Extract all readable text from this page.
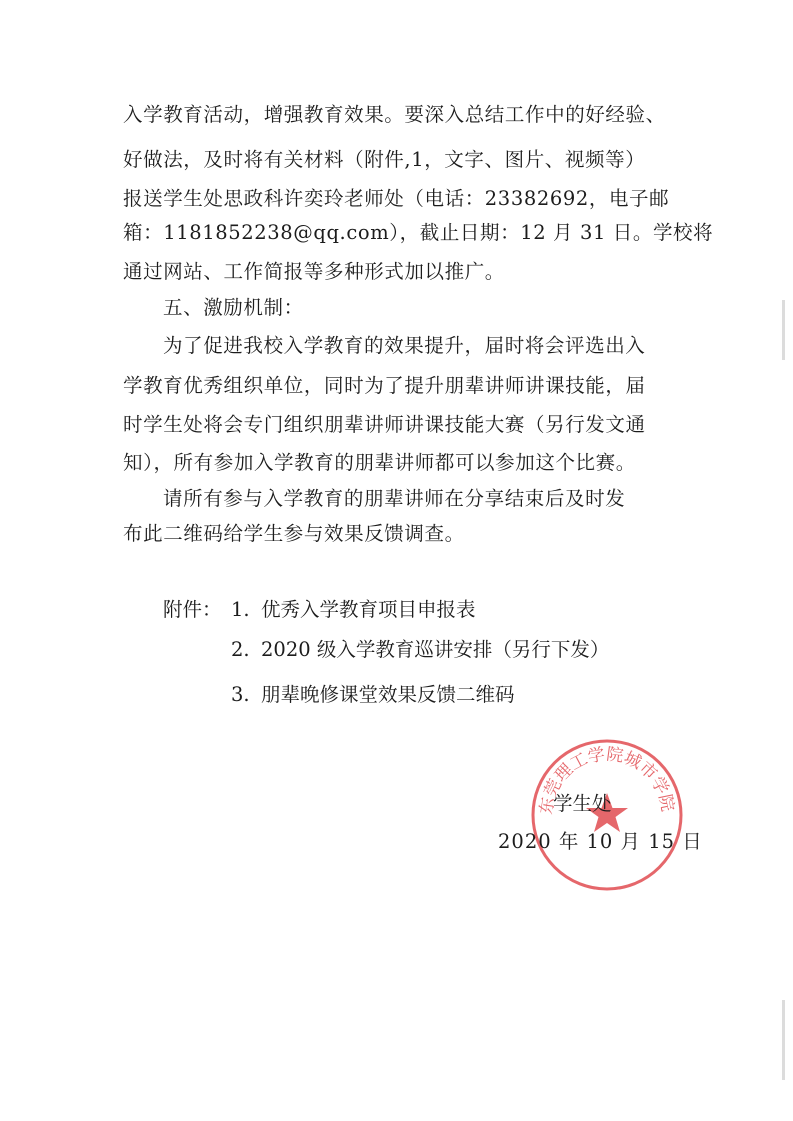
入学教育活动，增强教育效果。要深入总结工作中的好经验、
好做法，及时将有关材料（附件,1，文字、图片、视频等）
报送学生处思政科许奕玲老师处（电话：23382692，电子邮
箱：1181852238@qq.com），截止日期：12 月 31 日。学校将
通过网站、工作简报等多种形式加以推广。
五、激励机制：
为了促进我校入学教育的效果提升，届时将会评选出入
学教育优秀组织单位，同时为了提升朋辈讲师讲课技能，届
时学生处将会专门组织朋辈讲师讲课技能大赛（另行发文通
知），所有参加入学教育的朋辈讲师都可以参加这个比赛。
请所有参与入学教育的朋辈讲师在分享结束后及时发
布此二维码给学生参与效果反馈调查。
附件： 1. 优秀入学教育项目申报表
2. 2020 级入学教育巡讲安排（另行下发）
3. 朋辈晚修课堂效果反馈二维码
东莞理工学院城市学院
学生处
2020 年 10 月 15 日
